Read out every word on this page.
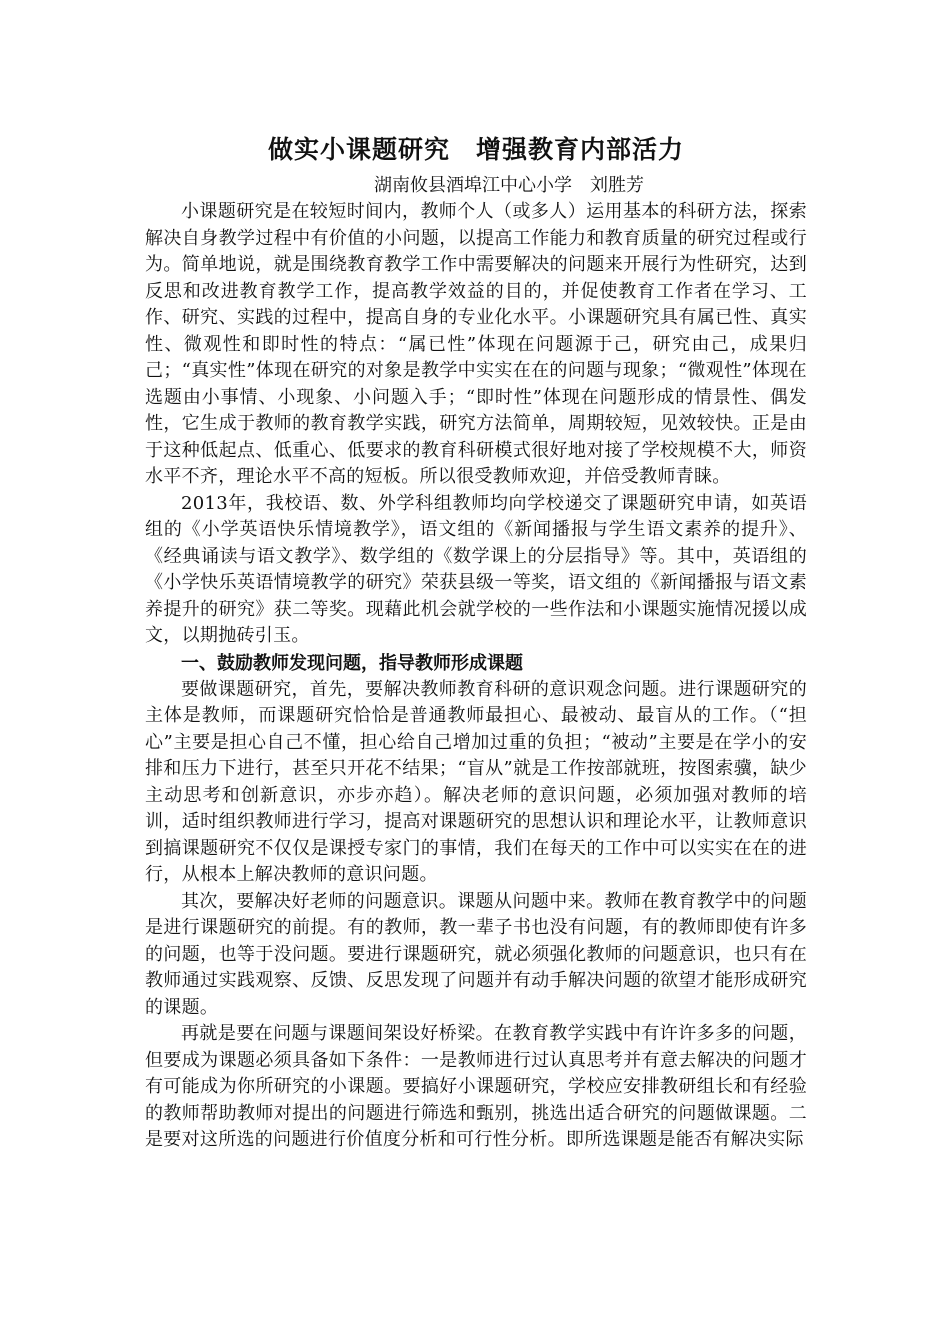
做实小课题研究　增强教育内部活力

湖南攸县酒埠江中心小学　刘胜芳

小课题研究是在较短时间内，教师个人（或多人）运用基本的科研方法，探索解决自身教学过程中有价值的小问题，以提高工作能力和教育质量的研究过程或行为。简单地说，就是围绕教育教学工作中需要解决的问题来开展行为性研究，达到反思和改进教育教学工作，提高教学效益的目的，并促使教育工作者在学习、工作、研究、实践的过程中，提高自身的专业化水平。小课题研究具有属已性、真实性、微观性和即时性的特点：“属已性”体现在问题源于己，研究由己，成果归己；“真实性”体现在研究的对象是教学中实实在在的问题与现象；“微观性”体现在选题由小事情、小现象、小问题入手；“即时性”体现在问题形成的情景性、偶发性，它生成于教师的教育教学实践，研究方法简单，周期较短，见效较快。正是由于这种低起点、低重心、低要求的教育科研模式很好地对接了学校规模不大，师资水平不齐，理论水平不高的短板。所以很受教师欢迎，并倍受教师青睐。

2013年，我校语、数、外学科组教师均向学校递交了课题研究申请，如英语组的《小学英语快乐情境教学》，语文组的《新闻播报与学生语文素养的提升》、《经典诵读与语文教学》、数学组的《数学课上的分层指导》等。其中，英语组的《小学快乐英语情境教学的研究》荣获县级一等奖，语文组的《新闻播报与语文素养提升的研究》获二等奖。现藉此机会就学校的一些作法和小课题实施情况援以成文，以期抛砖引玉。

一、鼓励教师发现问题，指导教师形成课题

要做课题研究，首先，要解决教师教育科研的意识观念问题。进行课题研究的主体是教师，而课题研究恰恰是普通教师最担心、最被动、最盲从的工作。（“担心”主要是担心自己不懂，担心给自己增加过重的负担；“被动”主要是在学小的安排和压力下进行，甚至只开花不结果；“盲从”就是工作按部就班，按图索骥，缺少主动思考和创新意识，亦步亦趋）。解决老师的意识问题，必须加强对教师的培训，适时组织教师进行学习，提高对课题研究的思想认识和理论水平，让教师意识到搞课题研究不仅仅是课授专家门的事情，我们在每天的工作中可以实实在在的进行，从根本上解决教师的意识问题。

其次，要解决好老师的问题意识。课题从问题中来。教师在教育教学中的问题是进行课题研究的前提。有的教师，教一辈子书也没有问题，有的教师即使有许多的问题，也等于没问题。要进行课题研究，就必须强化教师的问题意识，也只有在教师通过实践观察、反馈、反思发现了问题并有动手解决问题的欲望才能形成研究的课题。

再就是要在问题与课题间架设好桥梁。在教育教学实践中有许许多多的问题，但要成为课题必须具备如下条件：一是教师进行过认真思考并有意去解决的问题才有可能成为你所研究的小课题。要搞好小课题研究，学校应安排教研组长和有经验的教师帮助教师对提出的问题进行筛选和甄别，挑选出适合研究的问题做课题。二是要对这所选的问题进行价值度分析和可行性分析。即所选课题是能否有解决实际
